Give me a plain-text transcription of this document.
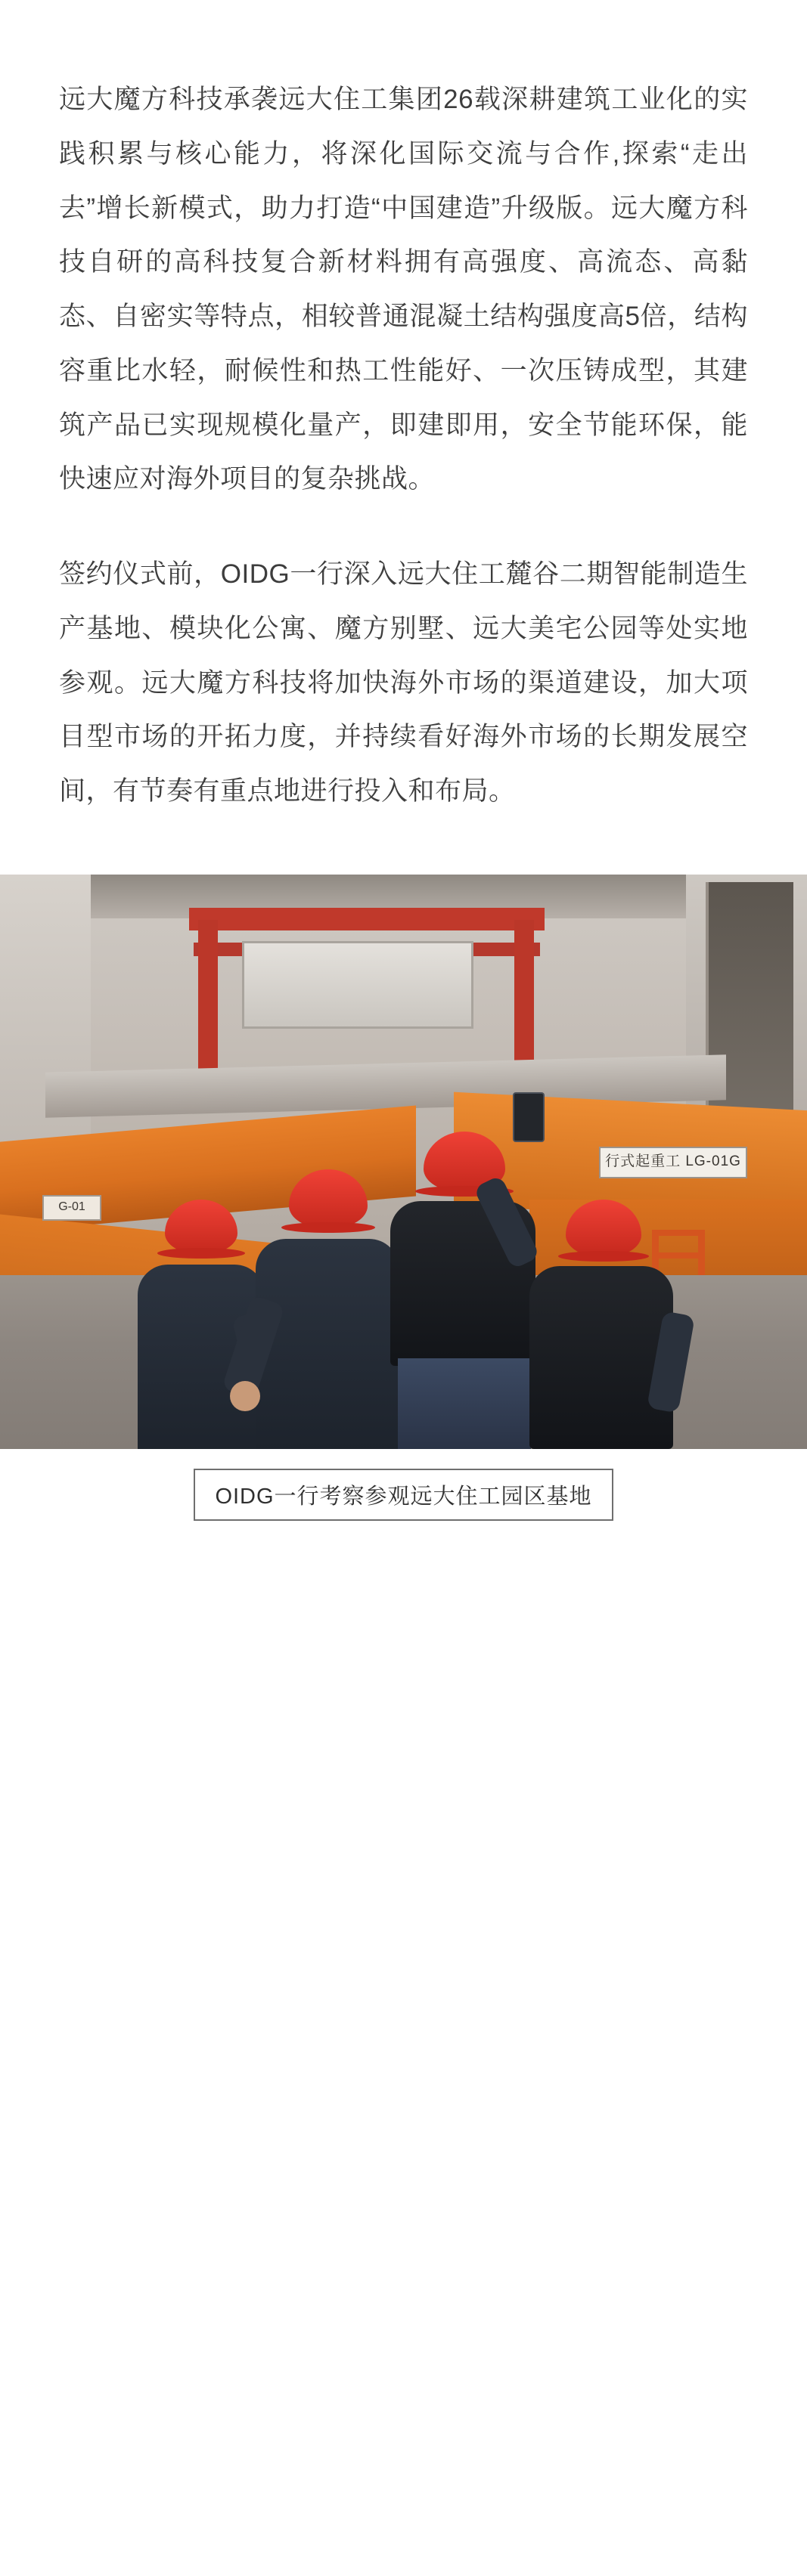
远大魔方科技承袭远大住工集团26载深耕建筑工业化的实践积累与核心能力，将深化国际交流与合作,探索“走出去”增长新模式，助力打造“中国建造”升级版。远大魔方科技自研的高科技复合新材料拥有高强度、高流态、高黏态、自密实等特点，相较普通混凝土结构强度高5倍，结构容重比水轻，耐候性和热工性能好、一次压铸成型，其建筑产品已实现规模化量产，即建即用，安全节能环保，能快速应对海外项目的复杂挑战。

签约仪式前，OIDG一行深入远大住工麓谷二期智能制造生产基地、模块化公寓、魔方别墅、远大美宅公园等处实地参观。远大魔方科技将加快海外市场的渠道建设，加大项目型市场的开拓力度，并持续看好海外市场的长期发展空间，有节奏有重点地进行投入和布局。

行式起重工 LG-01G
G-01
OIDG一行考察参观远大住工园区基地
